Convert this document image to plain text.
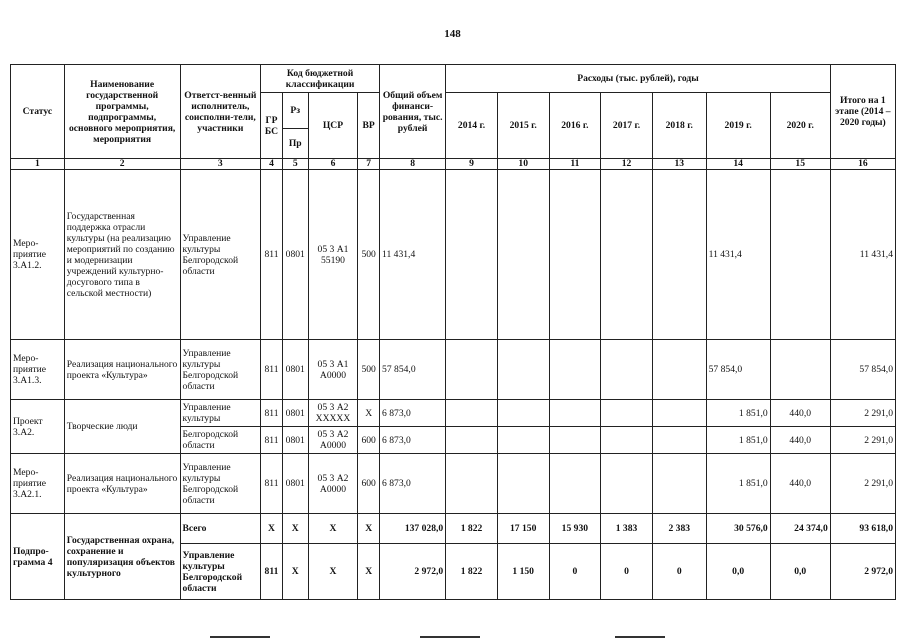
148
Статус	Наименование государственной программы, подпрограммы, основного мероприятия, мероприятия	Ответст-венный исполнитель, соисполни-тели, участники	Код бюджетной классификации				Общий объем финанси-рования, тыс. рублей	Расходы (тыс. рублей), годы							Итого на 1 этапе (2014 – 2020 годы)
			ГР БС	Рз	ЦСР	ВР		2014 г.	2015 г.	2016 г.	2017 г.	2018 г.	2019 г.	2020 г.	
				Пр											
1	2	3	4	5	6	7	8	9	10	11	12	13	14	15	16
Меро-приятие 3.А1.2.	Государственная поддержка отрасли культуры (на реализацию мероприятий по созданию и модернизации учреждений культурно-досугового типа в сельской местности)	Управление культуры Белгородской области	811	0801	05 3 А1 55190	500	11 431,4						11 431,4		11 431,4
Меро-приятие 3.А1.3.	Реализация национального проекта «Культура»	Управление культуры Белгородской области	811	0801	05 3 А1 А0000	500	57 854,0						57 854,0		57 854,0
Проект 3.А2.	Творческие люди	Управление культуры	811	0801	05 3 А2 ХХХХХ	Х	6 873,0						1 851,0	440,0	2 291,0
		Белгородской области	811	0801	05 3 А2 А0000	600	6 873,0						1 851,0	440,0	2 291,0
Меро-приятие 3.А2.1.	Реализация национального проекта «Культура»	Управление культуры Белгородской области	811	0801	05 3 А2 А0000	600	6 873,0						1 851,0	440,0	2 291,0
Подпро-грамма 4	Государственная охрана, сохранение и популяризация объектов культурного	Всего	Х	Х	Х	Х	137 028,0	1 822	17 150	15 930	1 383	2 383	30 576,0	24 374,0	93 618,0
		Управление культуры Белгородской области	811	Х	Х	Х	2 972,0	1 822	1 150	0	0	0	0,0	0,0	2 972,0
